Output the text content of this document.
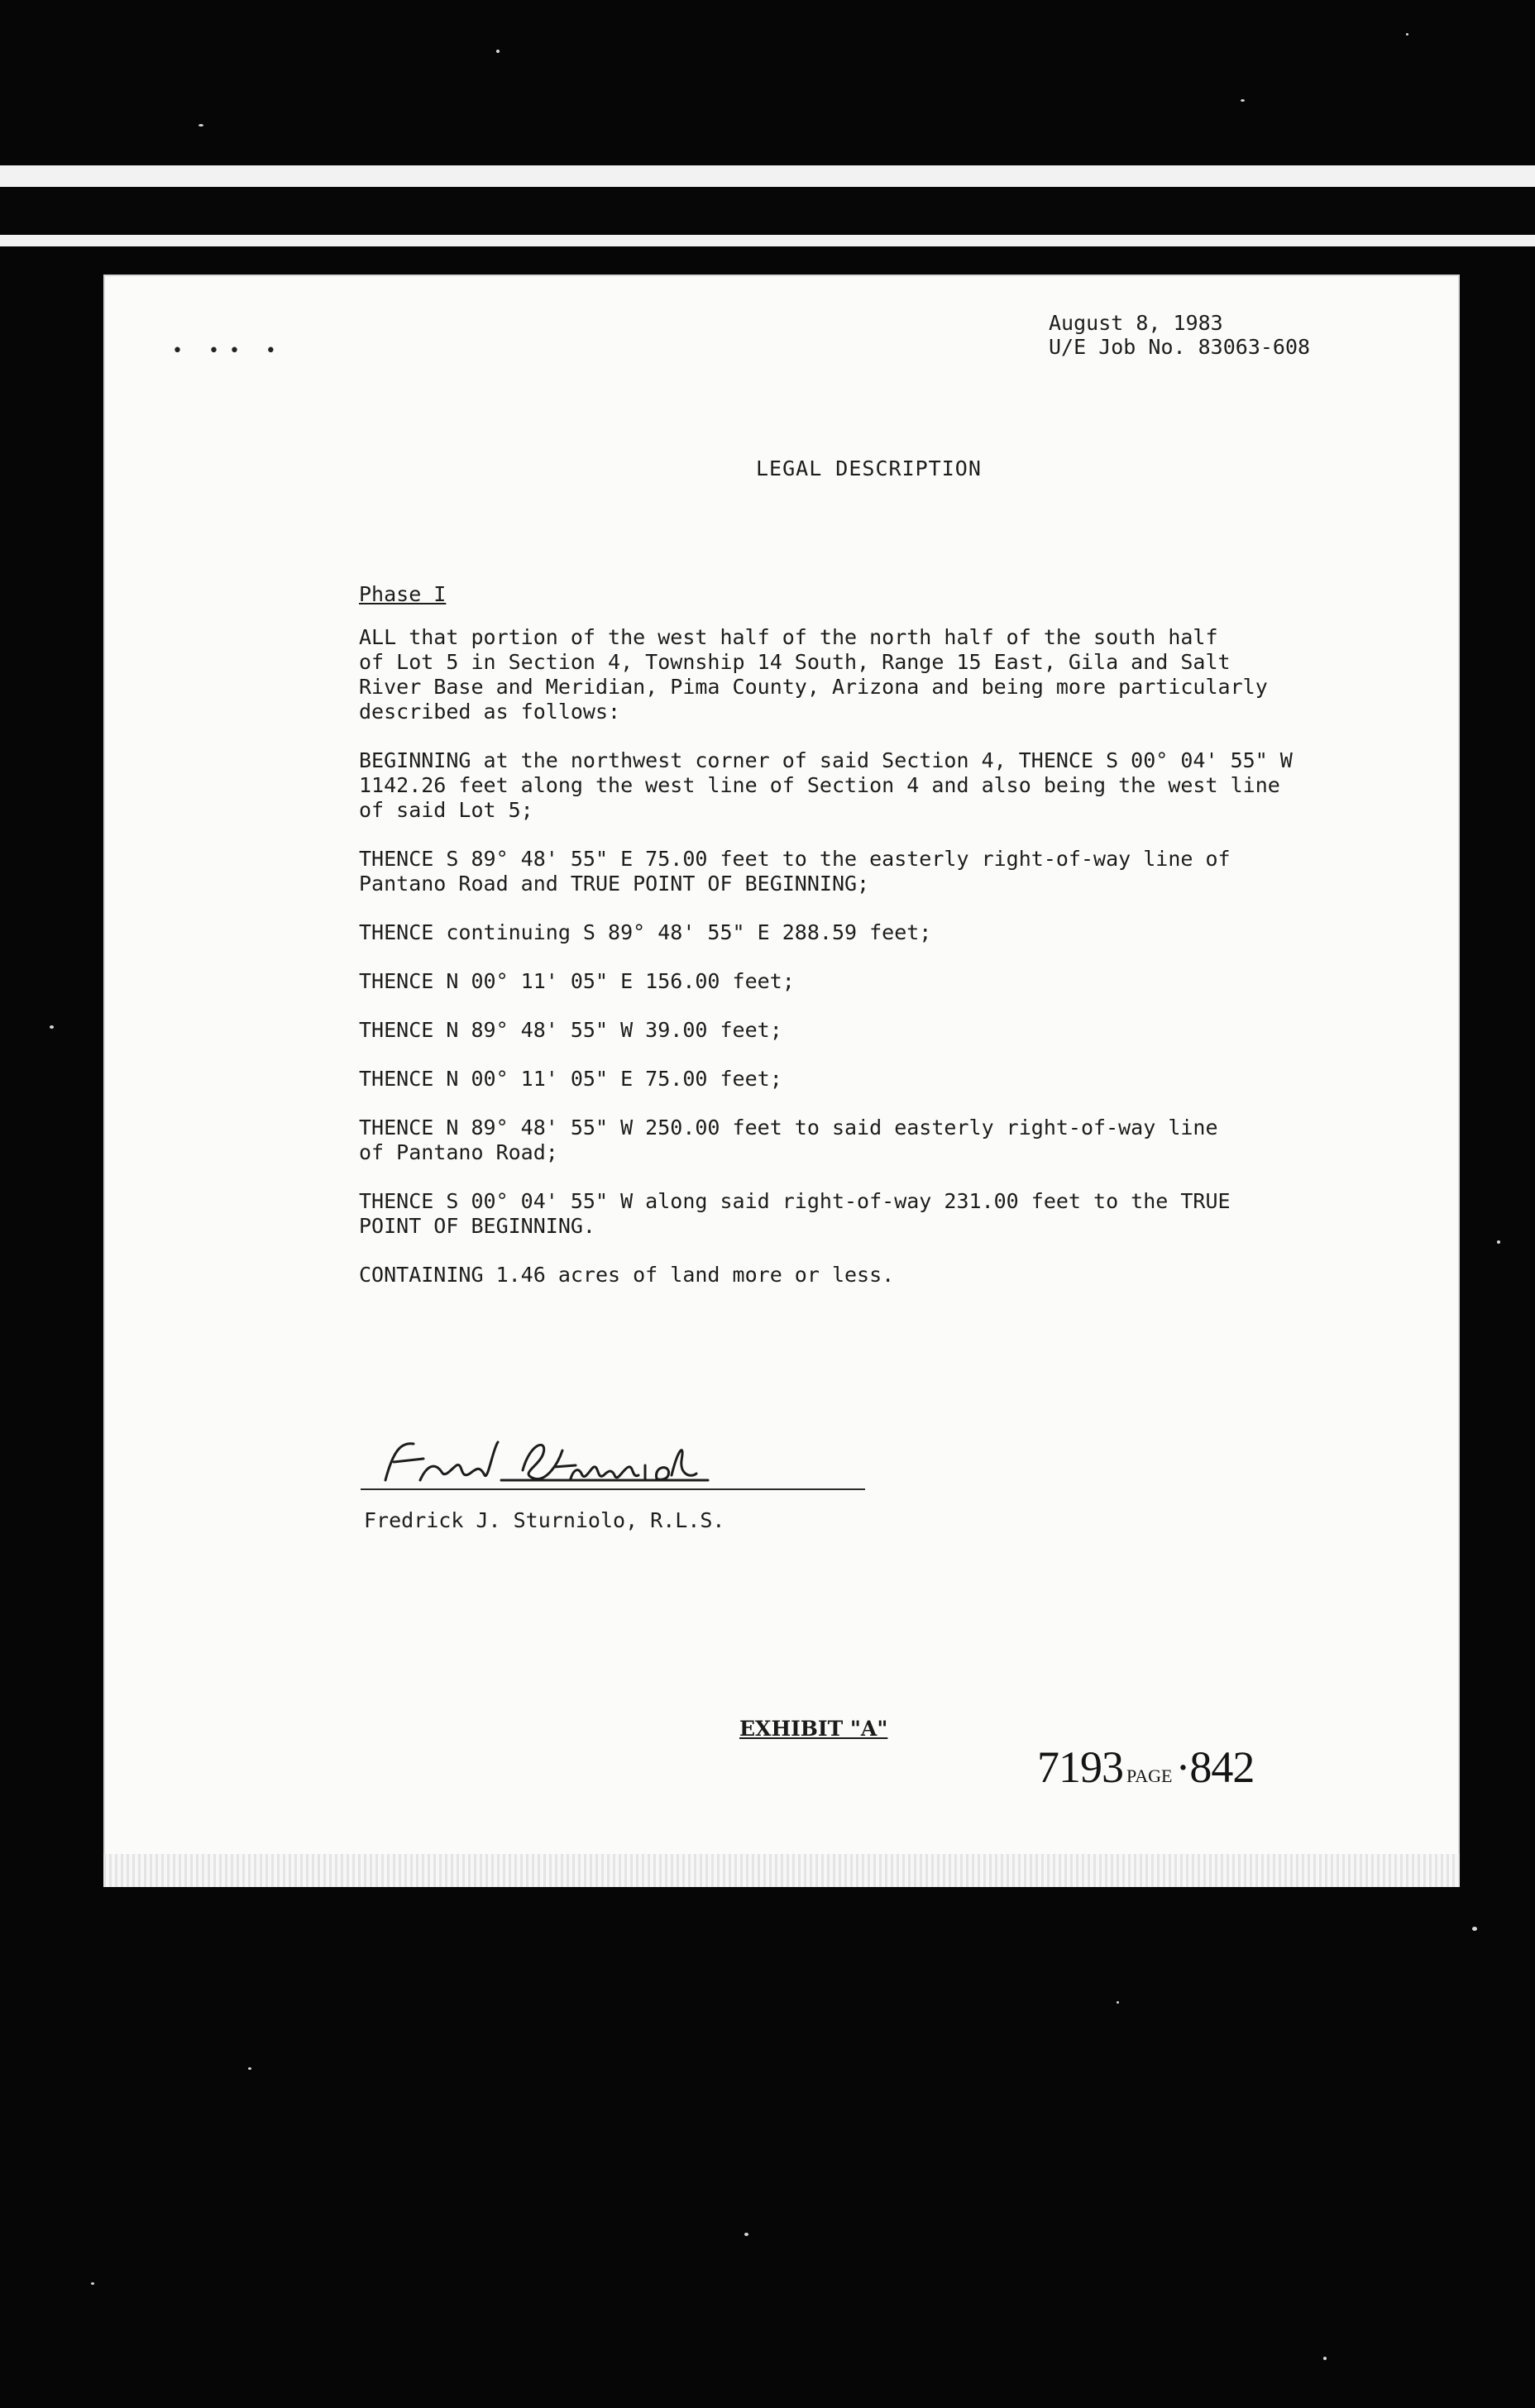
• •• •
August 8, 1983
U/E Job No. 83063-608
LEGAL DESCRIPTION
Phase I
ALL that portion of the west half of the north half of the south half
of Lot 5 in Section 4, Township 14 South, Range 15 East, Gila and Salt
River Base and Meridian, Pima County, Arizona and being more particularly
described as follows:
BEGINNING at the northwest corner of said Section 4, THENCE S 00° 04' 55" W
1142.26 feet along the west line of Section 4 and also being the west line
of said Lot 5;
THENCE S 89° 48' 55" E 75.00 feet to the easterly right-of-way line of
Pantano Road and TRUE POINT OF BEGINNING;
THENCE continuing S 89° 48' 55" E 288.59 feet;
THENCE N 00° 11' 05" E 156.00 feet;
THENCE N 89° 48' 55" W 39.00 feet;
THENCE N 00° 11' 05" E 75.00 feet;
THENCE N 89° 48' 55" W 250.00 feet to said easterly right-of-way line
of Pantano Road;
THENCE S 00° 04' 55" W along said right-of-way 231.00 feet to the TRUE
POINT OF BEGINNING.
CONTAINING 1.46 acres of land more or less.
Fredrick J. Sturniolo, R.L.S.
EXHIBIT "A"
7193 PAGE·842
